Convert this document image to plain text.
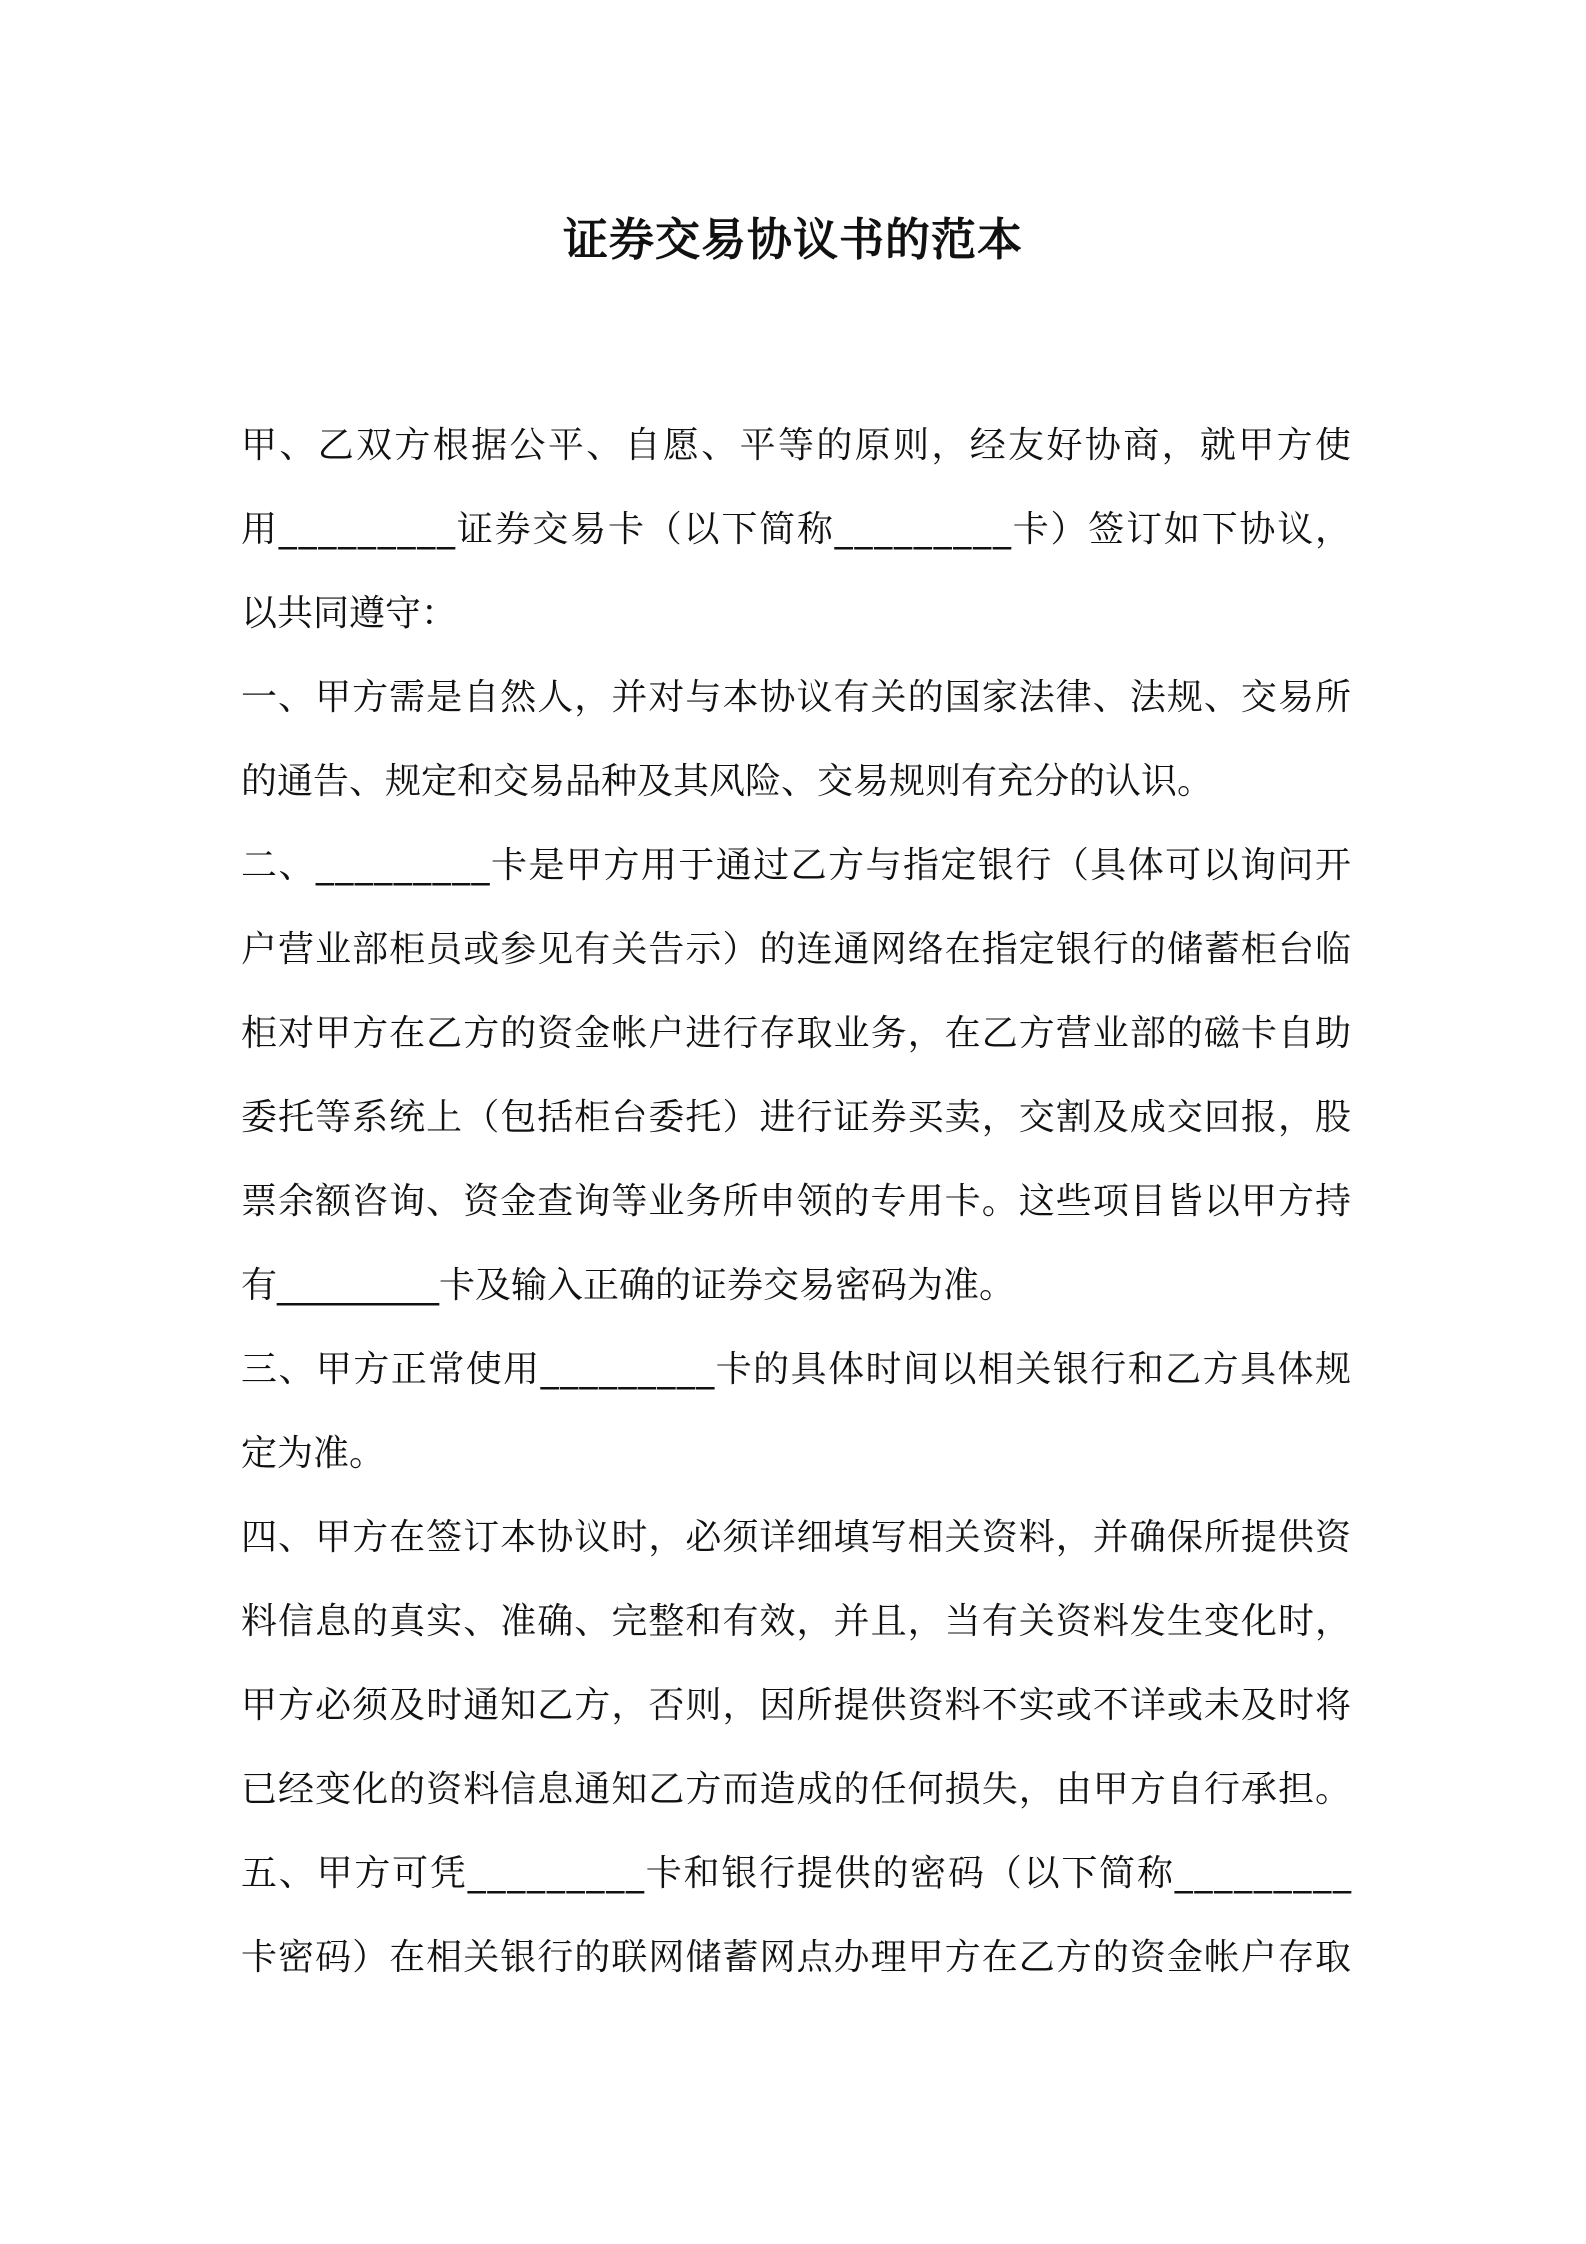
证券交易协议书的范本
甲、乙双方根据公平、自愿、平等的原则，经友好协商，就甲方使
用_________证券交易卡（以下简称_________卡）签订如下协议，
以共同遵守：
一、甲方需是自然人，并对与本协议有关的国家法律、法规、交易所
的通告、规定和交易品种及其风险、交易规则有充分的认识。
二、_________卡是甲方用于通过乙方与指定银行（具体可以询问开
户营业部柜员或参见有关告示）的连通网络在指定银行的储蓄柜台临
柜对甲方在乙方的资金帐户进行存取业务，在乙方营业部的磁卡自助
委托等系统上（包括柜台委托）进行证券买卖，交割及成交回报，股
票余额咨询、资金查询等业务所申领的专用卡。这些项目皆以甲方持
有_________卡及输入正确的证券交易密码为准。
三、甲方正常使用_________卡的具体时间以相关银行和乙方具体规
定为准。
四、甲方在签订本协议时，必须详细填写相关资料，并确保所提供资
料信息的真实、准确、完整和有效，并且，当有关资料发生变化时，
甲方必须及时通知乙方，否则，因所提供资料不实或不详或未及时将
已经变化的资料信息通知乙方而造成的任何损失，由甲方自行承担。
五、甲方可凭_________卡和银行提供的密码（以下简称_________
卡密码）在相关银行的联网储蓄网点办理甲方在乙方的资金帐户存取
